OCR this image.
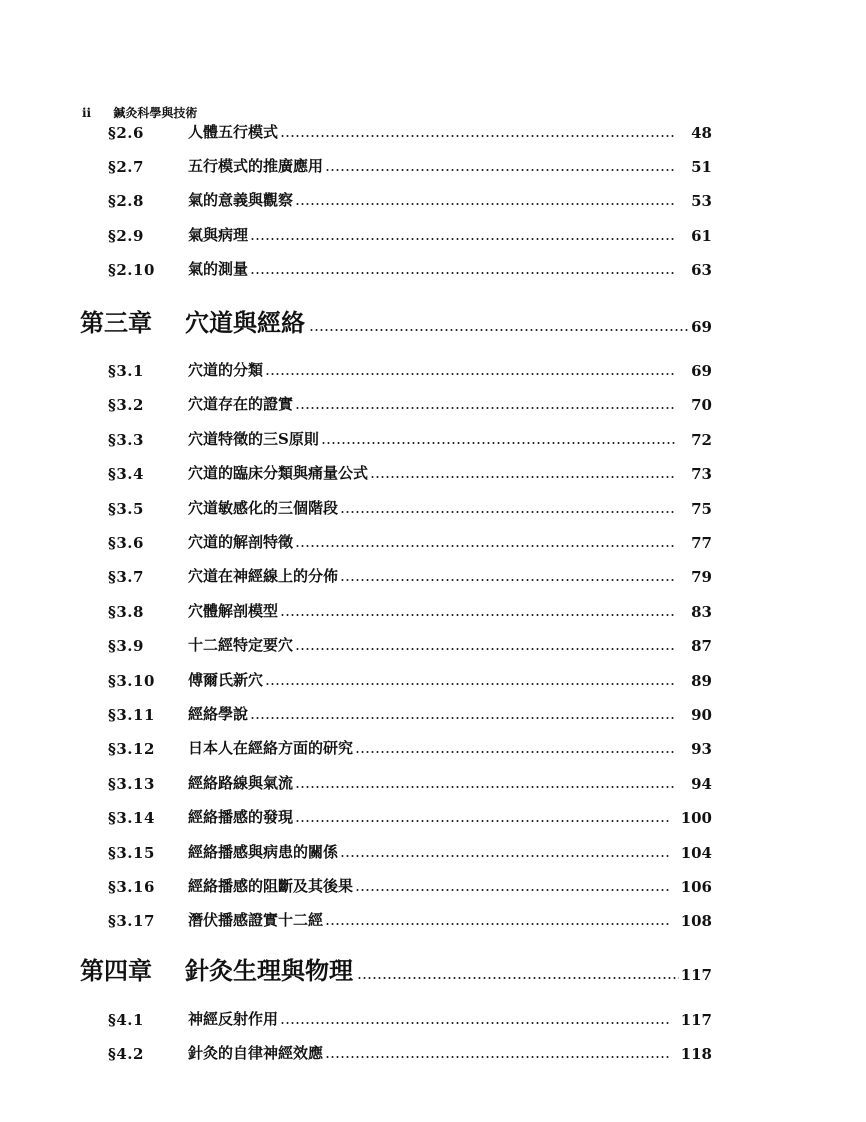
ii 鍼灸科學與技術
§2.6	人體五行模式	48
§2.7	五行模式的推廣應用	51
§2.8	氣的意義與觀察	53
§2.9	氣與病理	61
§2.10	氣的測量	63
第三章	穴道與經絡	69
§3.1	穴道的分類	69
§3.2	穴道存在的證實	70
§3.3	穴道特徵的三S原則	72
§3.4	穴道的臨床分類與痛量公式	73
§3.5	穴道敏感化的三個階段	75
§3.6	穴道的解剖特徵	77
§3.7	穴道在神經線上的分佈	79
§3.8	穴體解剖模型	83
§3.9	十二經特定要穴	87
§3.10	傅爾氏新穴	89
§3.11	經絡學說	90
§3.12	日本人在經絡方面的研究	93
§3.13	經絡路線與氣流	94
§3.14	經絡播感的發現	100
§3.15	經絡播感與病患的關係	104
§3.16	經絡播感的阻斷及其後果	106
§3.17	潛伏播感證實十二經	108
第四章	針灸生理與物理	117
§4.1	神經反射作用	117
§4.2	針灸的自律神經效應	118
